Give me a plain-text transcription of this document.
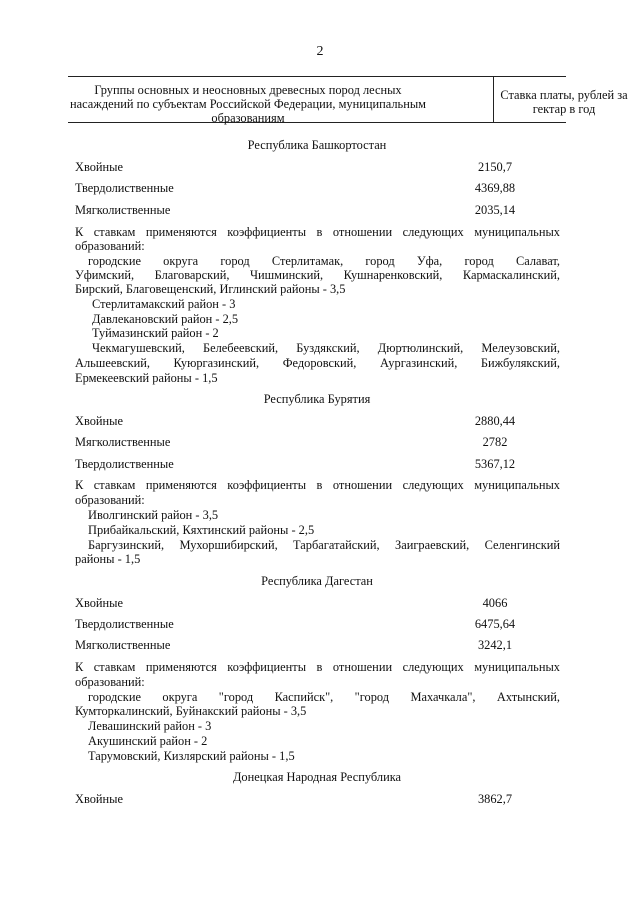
2
Группы основных и неосновных древесных пород лесных насаждений по субъектам Российской Федерации, муниципальным образованиям
Ставка платы, рублей за гектар в год
Республика Башкортостан
Хвойные	2150,7
Твердолиственные	4369,88
Мягколиственные	2035,14
К ставкам применяются коэффициенты в отношении следующих муниципальных
образований:
городские округа город Стерлитамак, город Уфа, город Салават,
Уфимский, Благоварский, Чишминский, Кушнаренковский, Кармаскалинский,
Бирский, Благовещенский, Иглинский районы - 3,5
Стерлитамакский район - 3
Давлекановский район - 2,5
Туймазинский район - 2
Чекмагушевский, Белебеевский, Буздякский, Дюртюлинский, Мелеузовский,
Альшеевский, Куюргазинский, Федоровский, Аургазинский, Бижбулякский,
Ермекеевский районы - 1,5
Республика Бурятия
Хвойные	2880,44
Мягколиственные	2782
Твердолиственные	5367,12
К ставкам применяются коэффициенты в отношении следующих муниципальных
образований:
Иволгинский район - 3,5
Прибайкальский, Кяхтинский районы - 2,5
Баргузинский, Мухоршибирский, Тарбагатайский, Заиграевский, Селенгинский
районы - 1,5
Республика Дагестан
Хвойные	4066
Твердолиственные	6475,64
Мягколиственные	3242,1
К ставкам применяются коэффициенты в отношении следующих муниципальных
образований:
городские округа "город Каспийск", "город Махачкала", Ахтынский,
Кумторкалинский, Буйнакский районы - 3,5
Левашинский район - 3
Акушинский район - 2
Тарумовский, Кизлярский районы - 1,5
Донецкая Народная Республика
Хвойные	3862,7
